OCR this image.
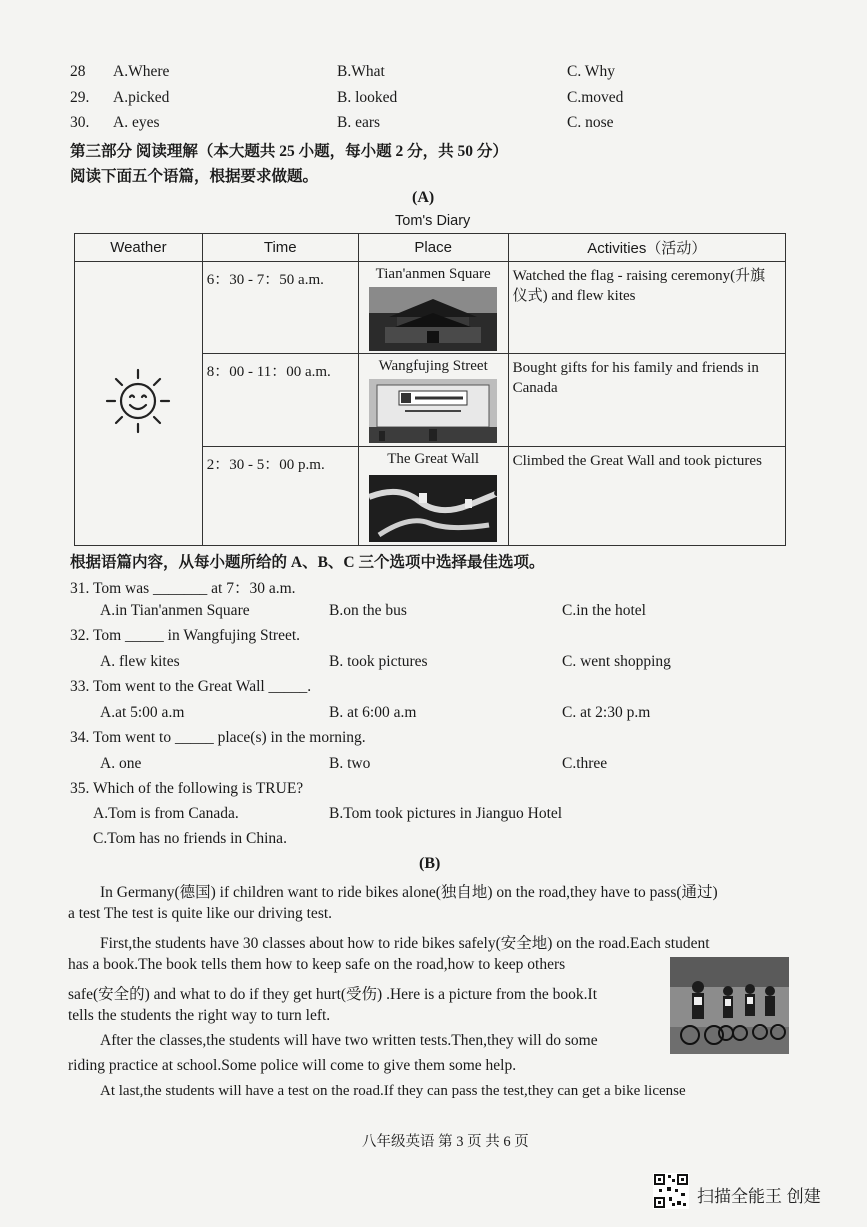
28 A.Where	B.What	C. Why
29. A.picked	B. looked	C.moved
30. A. eyes	B. ears	C. nose
第三部分 阅读理解（本大题共 25 小题，每小题 2 分，共 50 分）
阅读下面五个语篇，根据要求做题。
(A)
Tom's Diary
Weather	Time	Place	Activities（活动）
	6：30 - 7：50 a.m.	Tian'anmen Square	Watched the flag - raising ceremony(升旗仪式) and flew kites
	8：00 - 11：00 a.m.	Wangfujing Street	Bought gifts for his family and friends in Canada
	2：30 - 5：00 p.m.	The Great Wall	Climbed the Great Wall and took pictures
根据语篇内容，从每小题所给的 A、B、C 三个选项中选择最佳选项。
31. Tom was _______ at 7：30 a.m.
A.in Tian'anmen Square	B.on the bus	C.in the hotel
32. Tom _____ in Wangfujing Street.
A. flew kites	B. took pictures	C. went shopping
33. Tom went to the Great Wall _____.
A.at 5:00 a.m	B. at 6:00 a.m	C. at 2:30 p.m
34. Tom went to _____ place(s) in the morning.
A. one	B. two	C.three
35. Which of the following is TRUE?
A.Tom is from Canada.	B.Tom took pictures in Jianguo Hotel
C.Tom has no friends in China.
(B)
In Germany(德国) if children want to ride bikes alone(独自地) on the road,they have to pass(通过)
a test The test is quite like our driving test.
First,the students have 30 classes about how to ride bikes safely(安全地) on the road.Each student
has a book.The book tells them how to keep safe on the road,how to keep others
safe(安全的) and what to do if they get hurt(受伤) .Here is a picture from the book.It
tells the students the right way to turn left.
After the classes,the students will have two written tests.Then,they will do some
riding practice at school.Some police will come to give them some help.
At last,the students will have a test on the road.If they can pass the test,they can get a bike license
八年级英语 第 3 页 共 6 页
扫描全能王 创建
